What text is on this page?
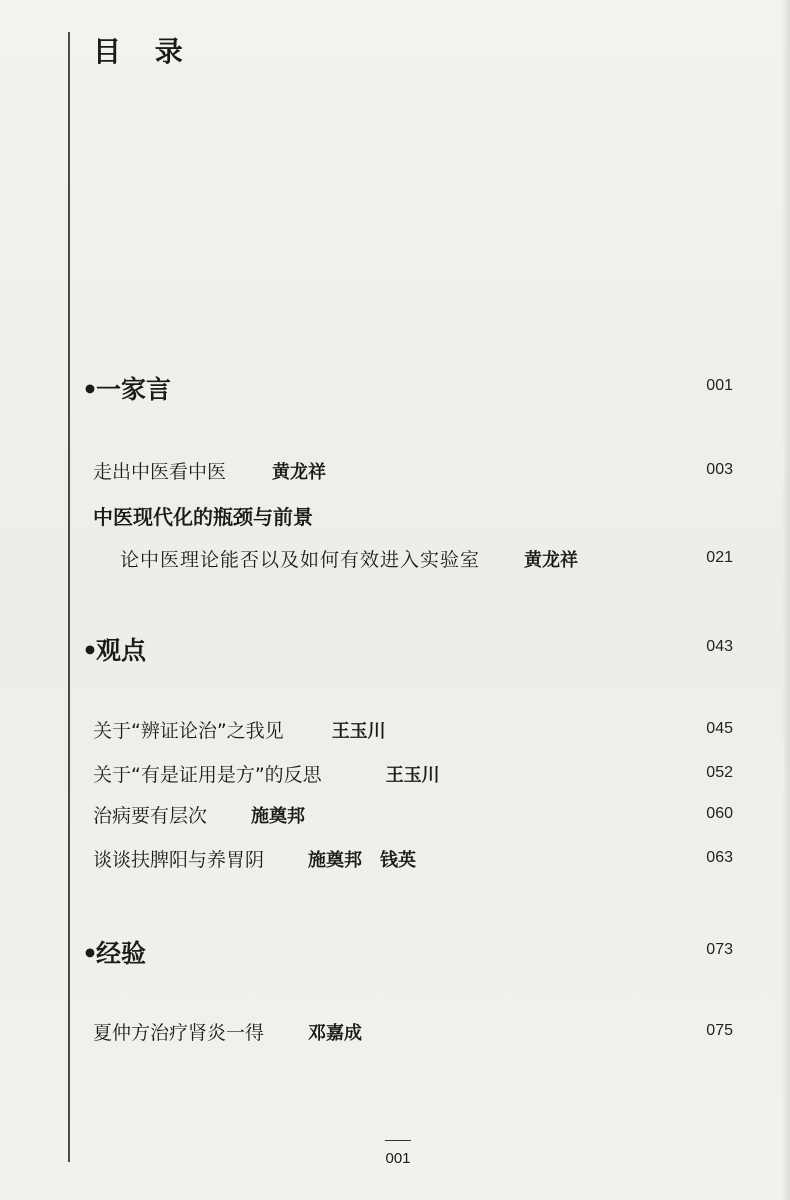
目 录
•一家言	001
走出中医看中医	黄龙祥	003
中医现代化的瓶颈与前景
论中医理论能否以及如何有效进入实验室 黄龙祥	021
•观点	043
关于“辨证论治”之我见	王玉川	045
关于“有是证用是方”的反思	王玉川	052
治病要有层次 施奠邦	060
谈谈扶脾阳与养胃阴 施奠邦　钱英	063
•经验	073
夏仲方治疗肾炎一得 邓嘉成	075
001
